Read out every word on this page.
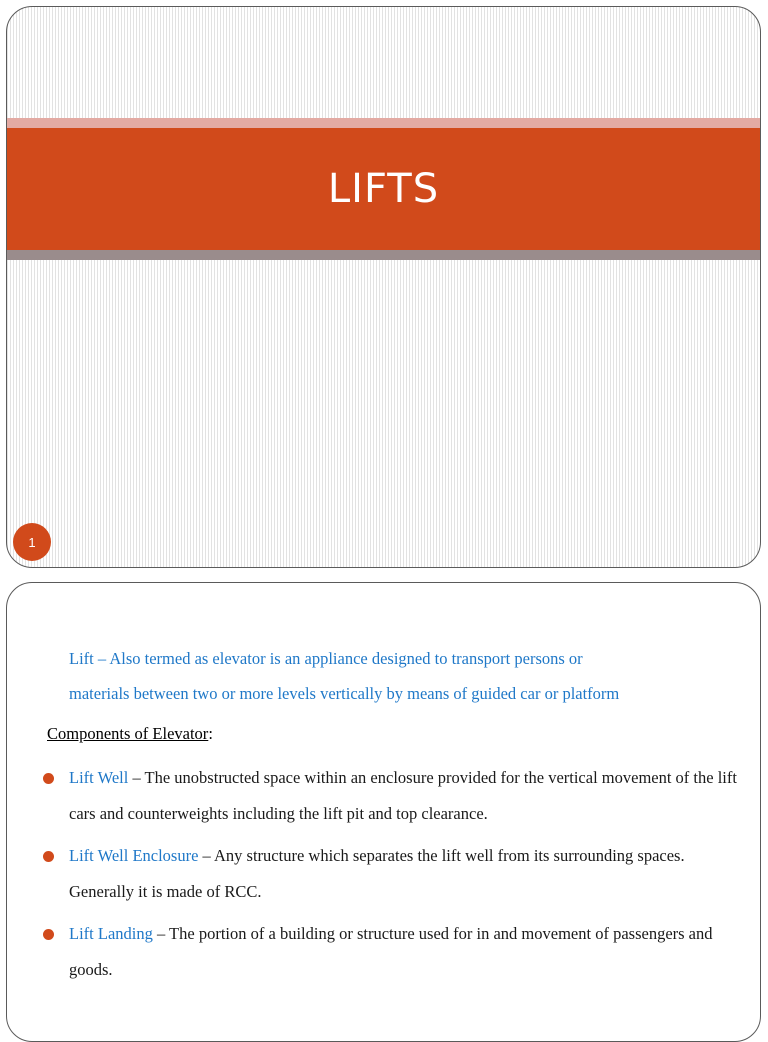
LIFTS
1
Lift – Also termed as elevator is an appliance designed to transport persons or
materials between two or more levels vertically by means of guided car or platform
Components of Elevator:
Lift Well – The unobstructed space within an enclosure provided for the vertical movement of the lift cars and counterweights including the lift pit and top clearance.
Lift Well Enclosure – Any structure which separates the lift well from its surrounding spaces. Generally it is made of RCC.
Lift Landing – The portion of a building or structure used for in and movement of passengers and goods.
